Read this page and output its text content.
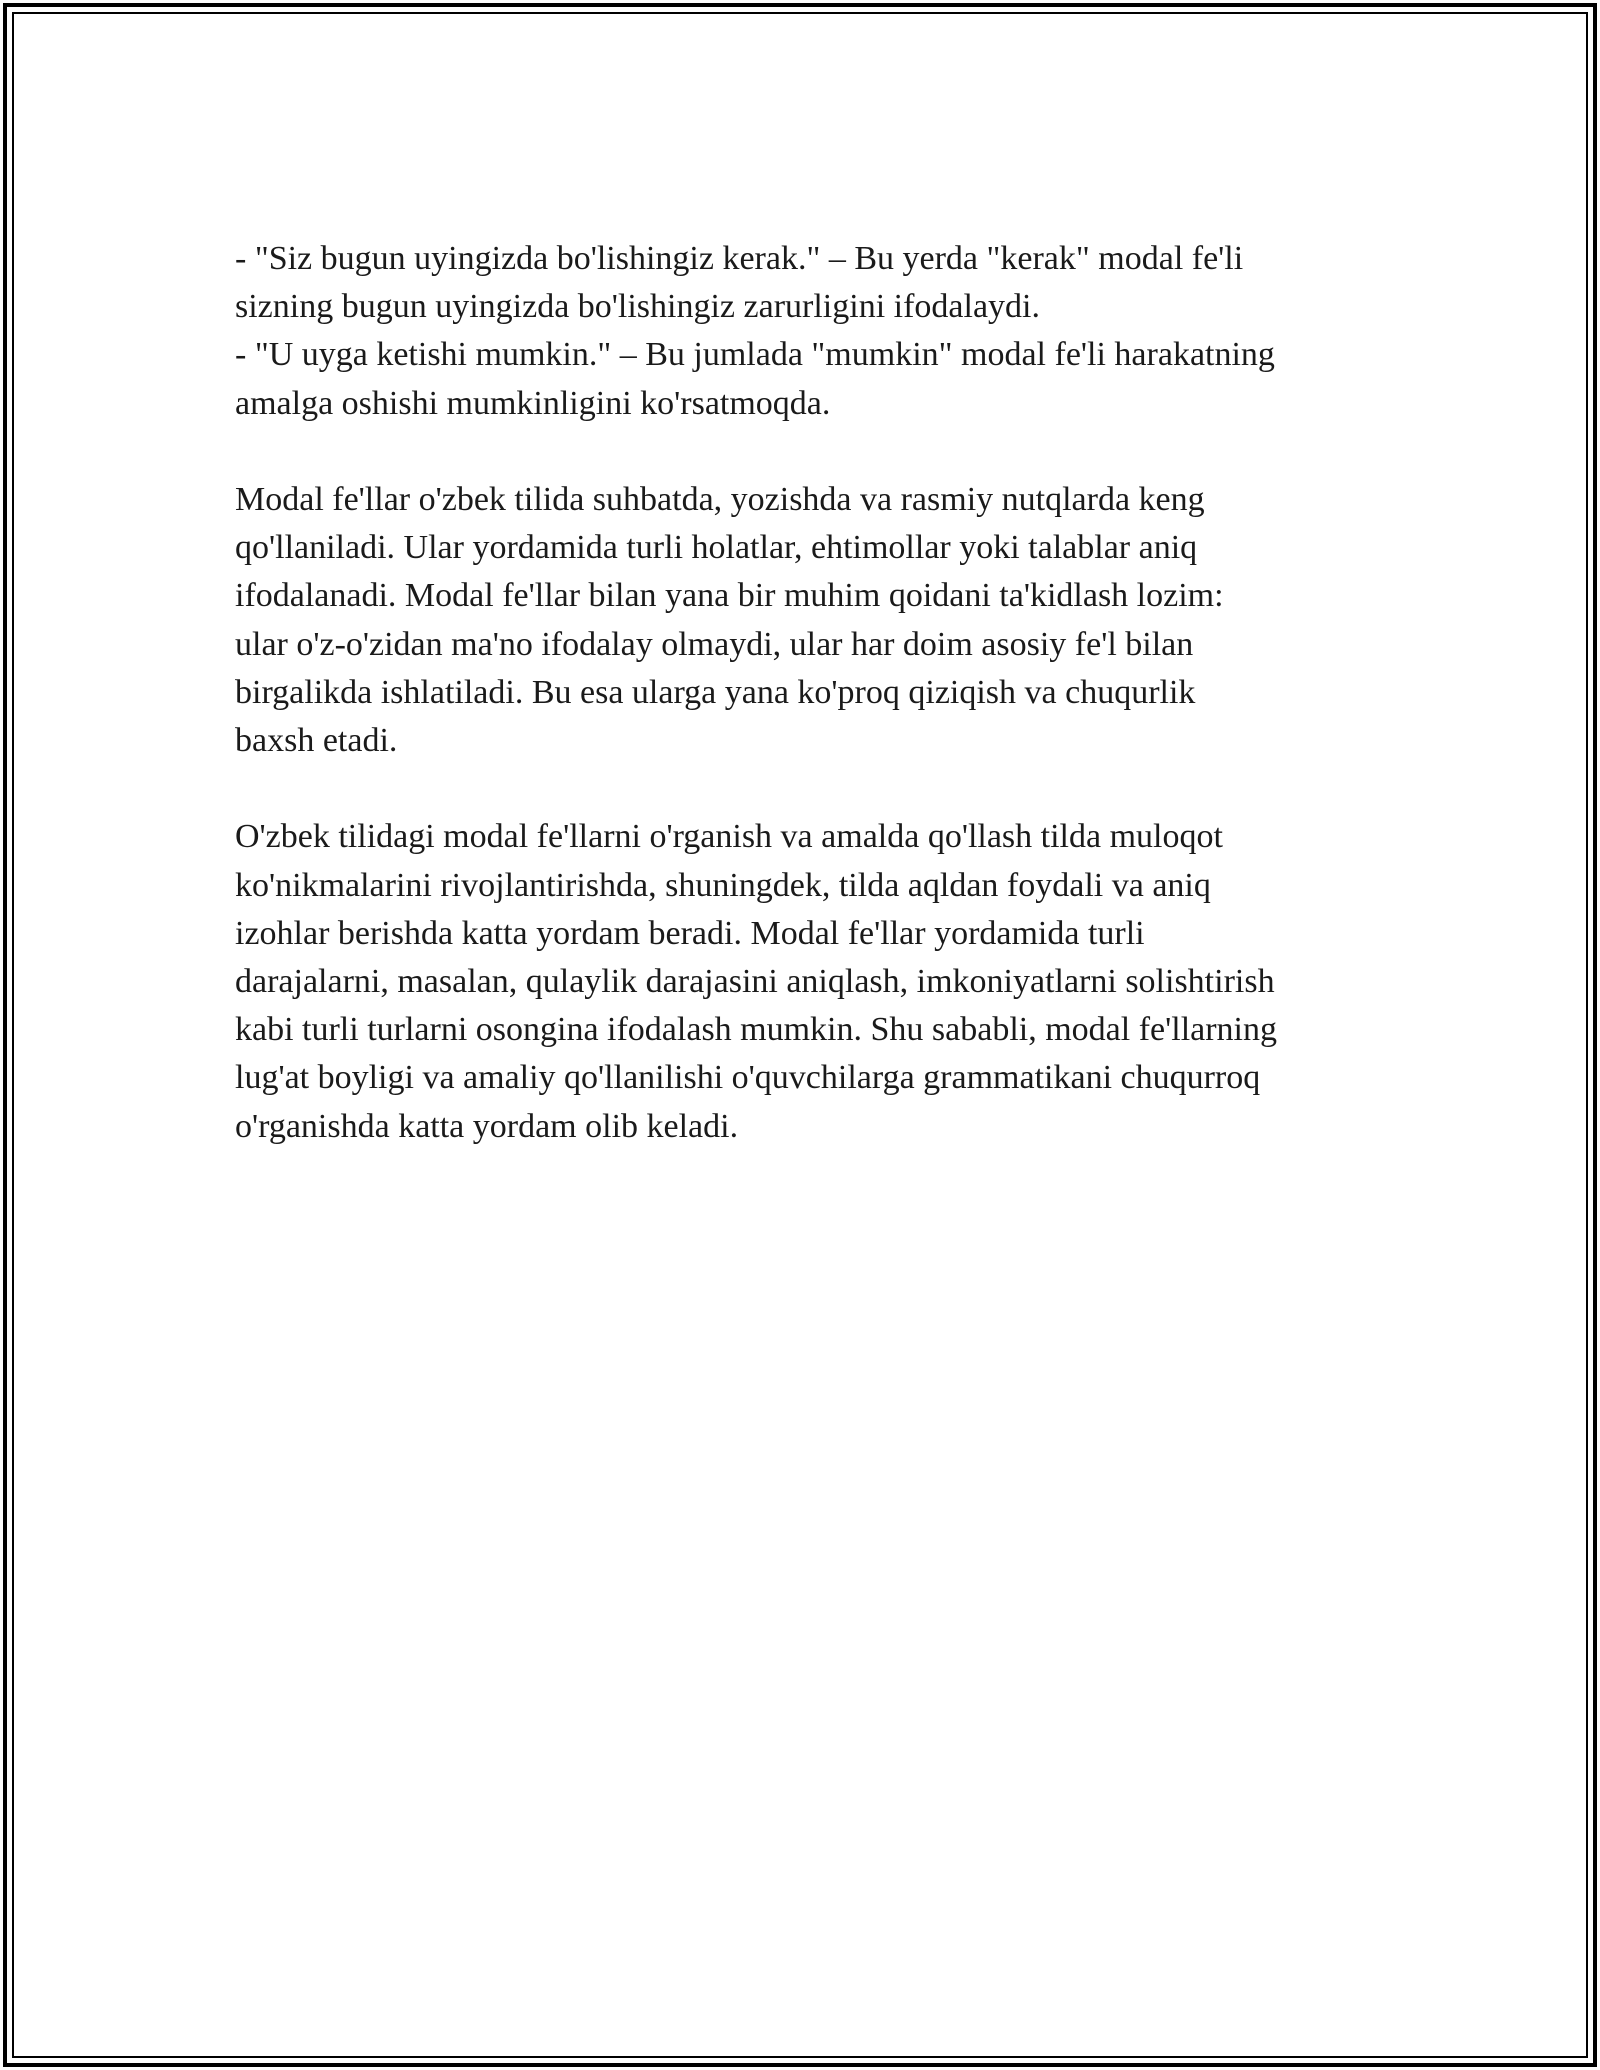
- "Siz bugun uyingizda bo'lishingiz kerak." – Bu yerda "kerak" modal fe'li
sizning bugun uyingizda bo'lishingiz zarurligini ifodalaydi.
- "U uyga ketishi mumkin." – Bu jumlada "mumkin" modal fe'li harakatning
amalga oshishi mumkinligini ko'rsatmoqda.
Modal fe'llar o'zbek tilida suhbatda, yozishda va rasmiy nutqlarda keng
qo'llaniladi. Ular yordamida turli holatlar, ehtimollar yoki talablar aniq
ifodalanadi. Modal fe'llar bilan yana bir muhim qoidani ta'kidlash lozim:
ular o'z-o'zidan ma'no ifodalay olmaydi, ular har doim asosiy fe'l bilan
birgalikda ishlatiladi. Bu esa ularga yana ko'proq qiziqish va chuqurlik
baxsh etadi.
O'zbek tilidagi modal fe'llarni o'rganish va amalda qo'llash tilda muloqot
ko'nikmalarini rivojlantirishda, shuningdek, tilda aqldan foydali va aniq
izohlar berishda katta yordam beradi. Modal fe'llar yordamida turli
darajalarni, masalan, qulaylik darajasini aniqlash, imkoniyatlarni solishtirish
kabi turli turlarni osongina ifodalash mumkin. Shu sababli, modal fe'llarning
lug'at boyligi va amaliy qo'llanilishi o'quvchilarga grammatikani chuqurroq
o'rganishda katta yordam olib keladi.
